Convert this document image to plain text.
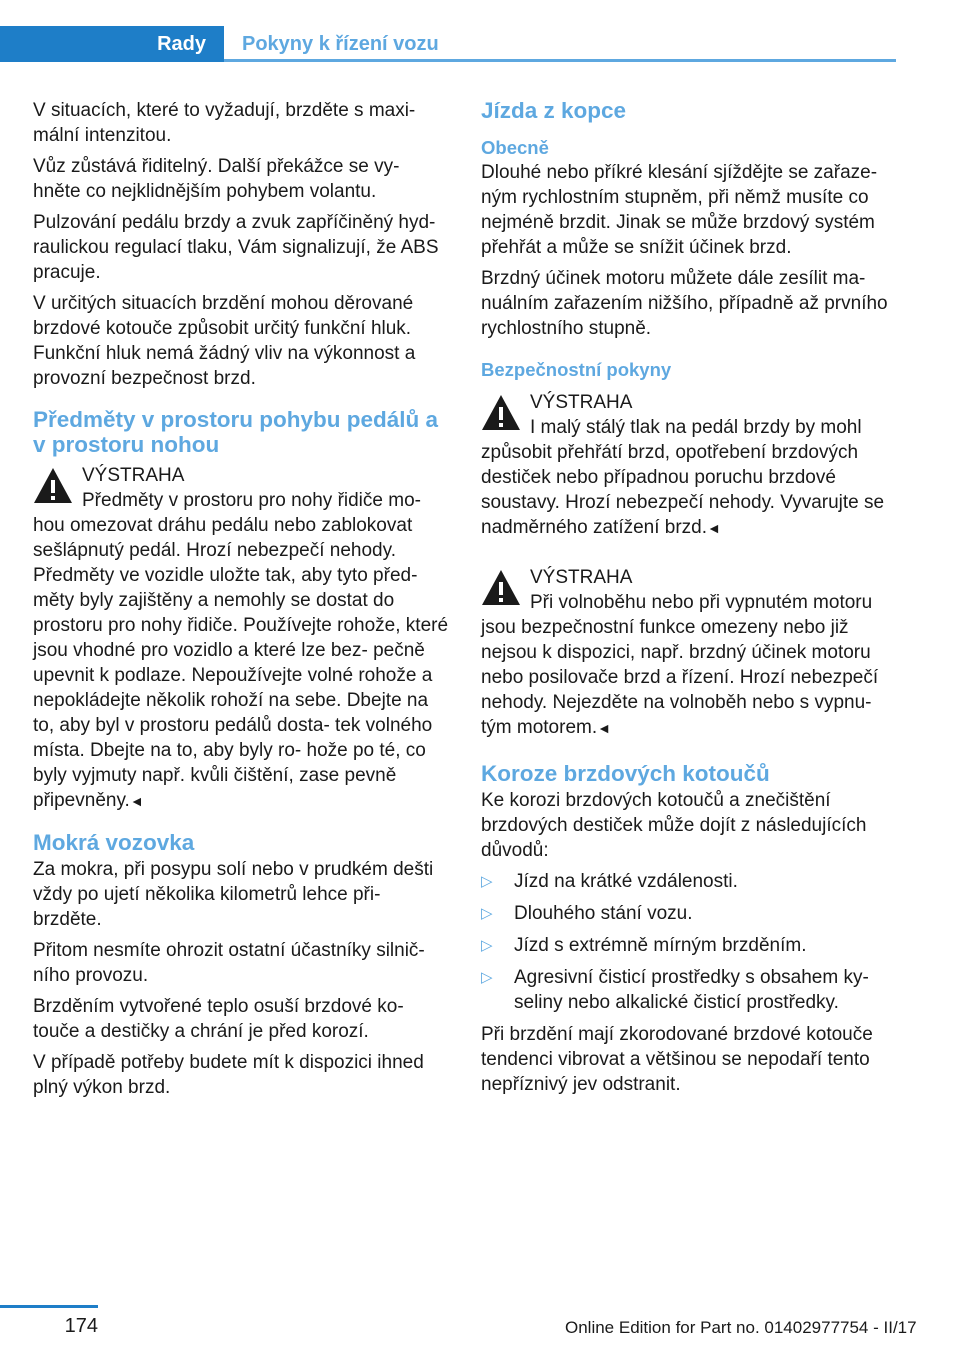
Rady	Pokyny k řízení vozu

V situacích, které to vyžadují, brzděte s maxi‐ mální intenzitou.

Vůz zůstává řiditelný. Další překážce se vy‐ hněte co nejklidnějším pohybem volantu.

Pulzování pedálu brzdy a zvuk zapříčiněný hyd‐ raulickou regulací tlaku, Vám signalizují, že ABS pracuje.

V určitých situacích brzdění mohou děrované brzdové kotouče způsobit určitý funkční hluk. Funkční hluk nemá žádný vliv na výkonnost a provozní bezpečnost brzd.

Předměty v prostoru pohybu pedálů a v prostoru nohou
VÝSTRAHA
Předměty v prostoru pro nohy řidiče mo‐ hou omezovat dráhu pedálu nebo zablokovat sešlápnutý pedál. Hrozí nebezpečí nehody. Předměty ve vozidle uložte tak, aby tyto před‐ měty byly zajištěny a nemohly se dostat do prostoru pro nohy řidiče. Používejte rohože, které jsou vhodné pro vozidlo a které lze bez‐ pečně upevnit k podlaze. Nepoužívejte volné rohože a nepokládejte několik rohoží na sebe. Dbejte na to, aby byl v prostoru pedálů dosta‐ tek volného místa. Dbejte na to, aby byly ro‐ hože po té, co byly vyjmuty např. kvůli čištění, zase pevně připevněny.◄
Mokrá vozovka

Za mokra, při posypu solí nebo v prudkém dešti vždy po ujetí několika kilometrů lehce při‐ brzděte.

Přitom nesmíte ohrozit ostatní účastníky silnič‐ ního provozu.

Brzděním vytvořené teplo osuší brzdové ko‐ touče a destičky a chrání je před korozí.

V případě potřeby budete mít k dispozici ihned plný výkon brzd.

Jízda z kopce
Obecně

Dlouhé nebo příkré klesání sjíždějte se zařaze‐ ným rychlostním stupněm, při němž musíte co nejméně brzdit. Jinak se může brzdový systém přehřát a může se snížit účinek brzd.

Brzdný účinek motoru můžete dále zesílit ma‐ nuálním zařazením nižšího, případně až prvního rychlostního stupně.

Bezpečnostní pokyny
VÝSTRAHA
I malý stálý tlak na pedál brzdy by mohl způsobit přehřátí brzd, opotřebení brzdových destiček nebo případnou poruchu brzdové soustavy. Hrozí nebezpečí nehody. Vyvarujte se nadměrného zatížení brzd.◄
VÝSTRAHA
Při volnoběhu nebo při vypnutém motoru jsou bezpečnostní funkce omezeny nebo již nejsou k dispozici, např. brzdný účinek motoru nebo posilovače brzd a řízení. Hrozí nebezpečí nehody. Nejezděte na volnoběh nebo s vypnu‐ tým motorem.◄
Koroze brzdových kotoučů

Ke korozi brzdových kotoučů a znečištění brzdových destiček může dojít z následujících důvodů:

▷ Jízd na krátké vzdálenosti.
▷ Dlouhého stání vozu.
▷ Jízd s extrémně mírným brzděním.
▷ Agresivní čisticí prostředky s obsahem ky‐ seliny nebo alkalické čisticí prostředky.

Při brzdění mají zkorodované brzdové kotouče tendenci vibrovat a většinou se nepodaří tento nepříznivý jev odstranit.

174	Online Edition for Part no. 01402977754 - II/17
